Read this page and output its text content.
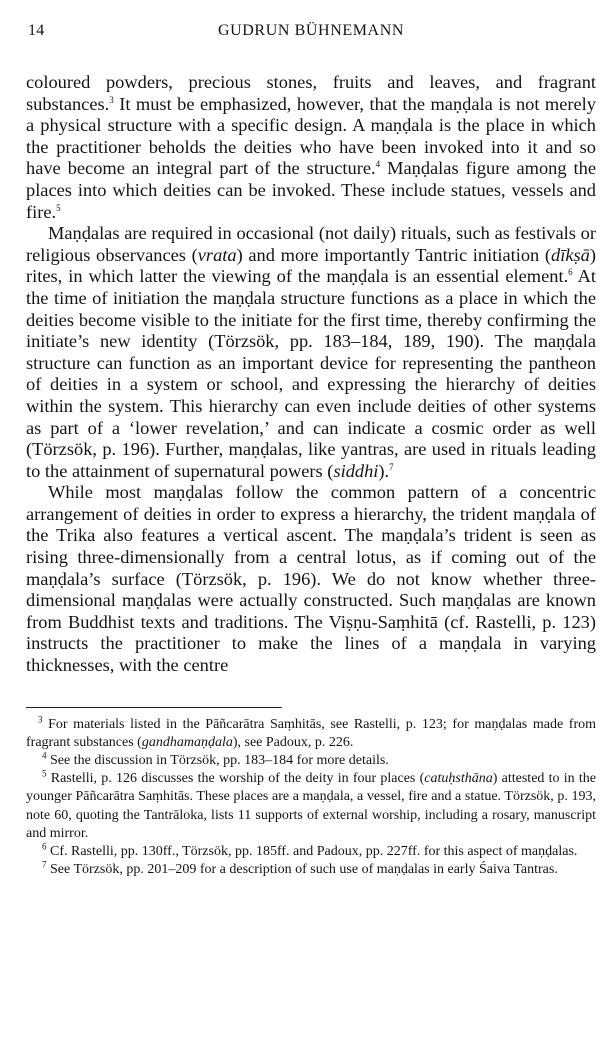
14	GUDRUN BÜHNEMANN

coloured powders, precious stones, fruits and leaves, and fragrant substances.$^3$ It must be emphasized, however, that the maṇḍala is not merely a physical structure with a specific design. A maṇḍala is the place in which the practitioner beholds the deities who have been invoked into it and so have become an integral part of the structure.$^4$ Maṇḍalas figure among the places into which deities can be invoked. These include statues, vessels and fire.$^5$

Maṇḍalas are required in occasional (not daily) rituals, such as festivals or religious observances (vrata) and more importantly Tantric initiation (dīkṣā) rites, in which latter the viewing of the maṇḍala is an essential element.$^6$ At the time of initiation the maṇḍala structure functions as a place in which the deities become visible to the initiate for the first time, thereby confirming the initiate’s new identity (Törzsök, pp. 183–184, 189, 190). The maṇḍala structure can function as an important device for representing the pantheon of deities in a system or school, and expressing the hierarchy of deities within the system. This hierarchy can even include deities of other systems as part of a ‘lower revelation,’ and can indicate a cosmic order as well (Törzsök, p. 196). Further, maṇḍalas, like yantras, are used in rituals leading to the attainment of supernatural powers (siddhi).$^7$

While most maṇḍalas follow the common pattern of a concentric arrangement of deities in order to express a hierarchy, the trident maṇḍala of the Trika also features a vertical ascent. The maṇḍala’s trident is seen as rising three-dimensionally from a central lotus, as if coming out of the maṇḍala’s surface (Törzsök, p. 196). We do not know whether three-dimensional maṇḍalas were actually constructed. Such maṇḍalas are known from Buddhist texts and traditions. The Viṣṇu-Saṃhitā (cf. Rastelli, p. 123) instructs the practitioner to make the lines of a maṇḍala in varying thicknesses, with the centre

$^3$ For materials listed in the Pāñcarātra Saṃhitās, see Rastelli, p. 123; for maṇḍalas made from fragrant substances (gandhamaṇḍala), see Padoux, p. 226.

$^4$ See the discussion in Törzsök, pp. 183–184 for more details.

$^5$ Rastelli, p. 126 discusses the worship of the deity in four places (catuḥsthāna) attested to in the younger Pāñcarātra Saṃhitās. These places are a maṇḍala, a vessel, fire and a statue. Törzsök, p. 193, note 60, quoting the Tantrāloka, lists 11 supports of external worship, including a rosary, manuscript and mirror.

$^6$ Cf. Rastelli, pp. 130ff., Törzsök, pp. 185ff. and Padoux, pp. 227ff. for this aspect of maṇḍalas.

$^7$ See Törzsök, pp. 201–209 for a description of such use of maṇḍalas in early Śaiva Tantras.
